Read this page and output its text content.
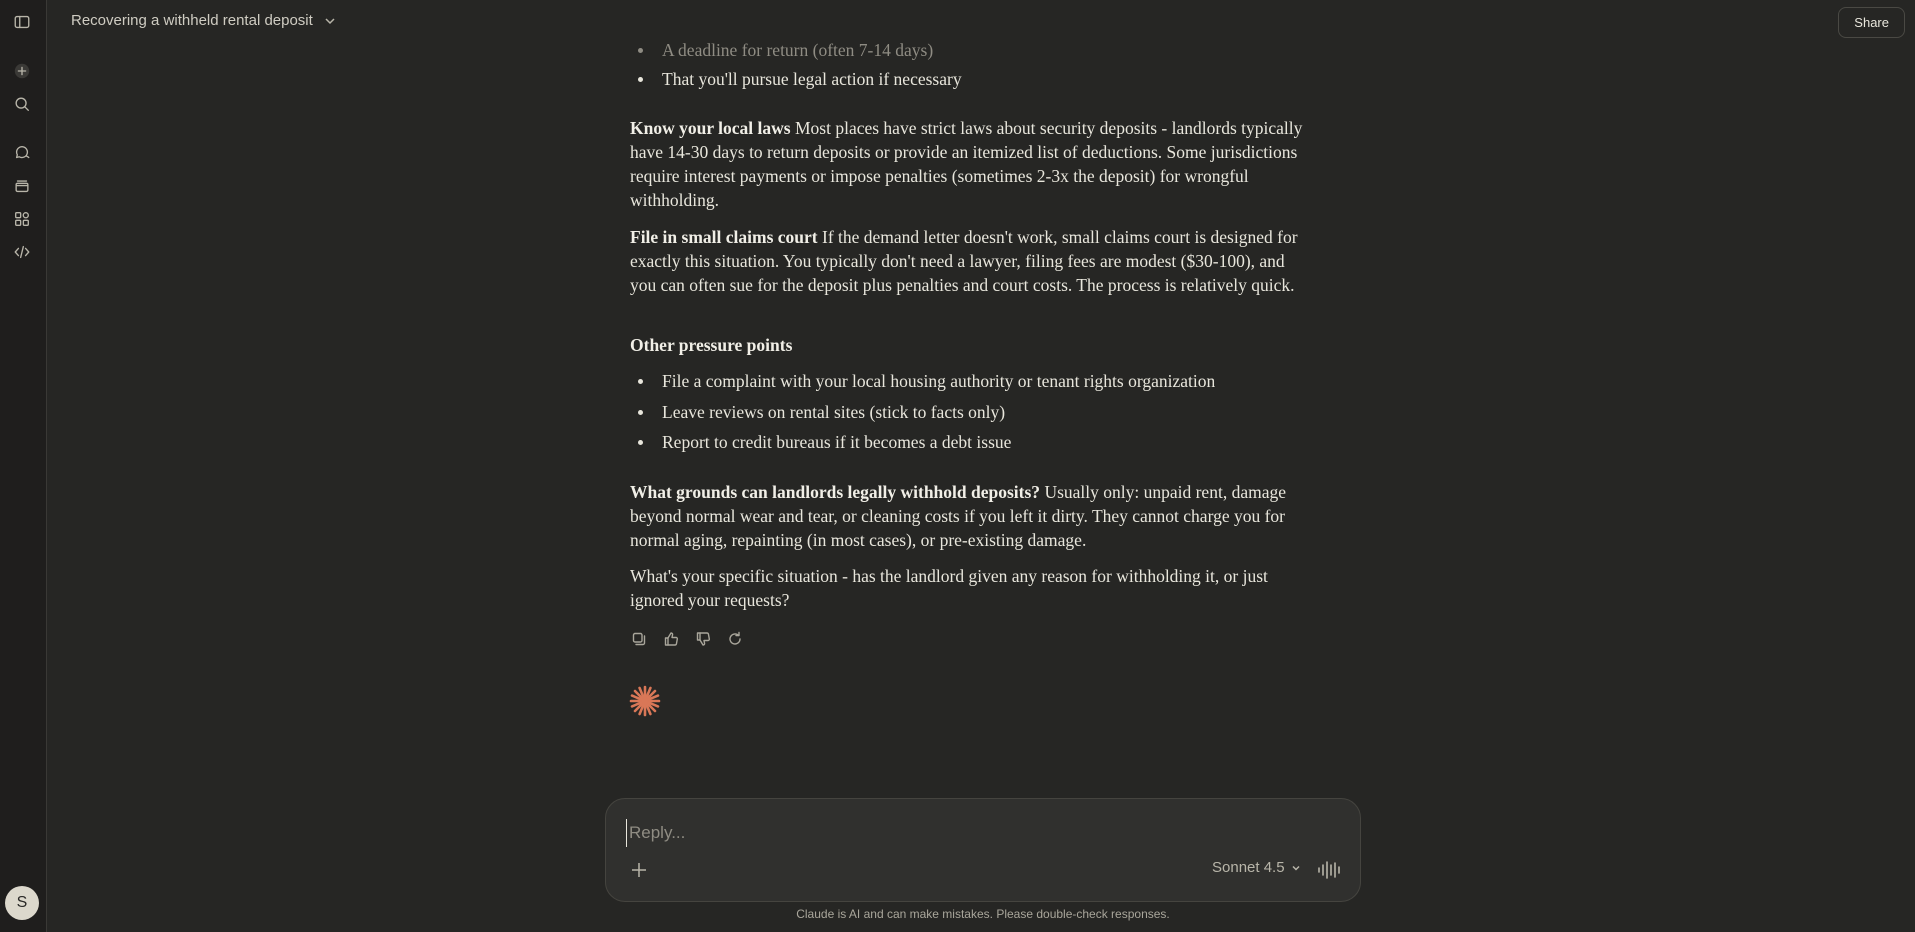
S
Recovering a withheld rental deposit	Share
A deadline for return (often 7-14 days)
That you'll pursue legal action if necessary

Know your local laws Most places have strict laws about security deposits - landlords typically have 14-30 days to return deposits or provide an itemized list of deductions. Some jurisdictions require interest payments or impose penalties (sometimes 2-3x the deposit) for wrongful withholding.

File in small claims court If the demand letter doesn't work, small claims court is designed for exactly this situation. You typically don't need a lawyer, filing fees are modest ($30-100), and you can often sue for the deposit plus penalties and court costs. The process is relatively quick.

Other pressure points

File a complaint with your local housing authority or tenant rights organization
Leave reviews on rental sites (stick to facts only)
Report to credit bureaus if it becomes a debt issue

What grounds can landlords legally withhold deposits? Usually only: unpaid rent, damage beyond normal wear and tear, or cleaning costs if you left it dirty. They cannot charge you for normal aging, repainting (in most cases), or pre-existing damage.

What's your specific situation - has the landlord given any reason for withholding it, or just ignored your requests?

Reply...
Sonnet 4.5
Claude is AI and can make mistakes. Please double-check responses.
